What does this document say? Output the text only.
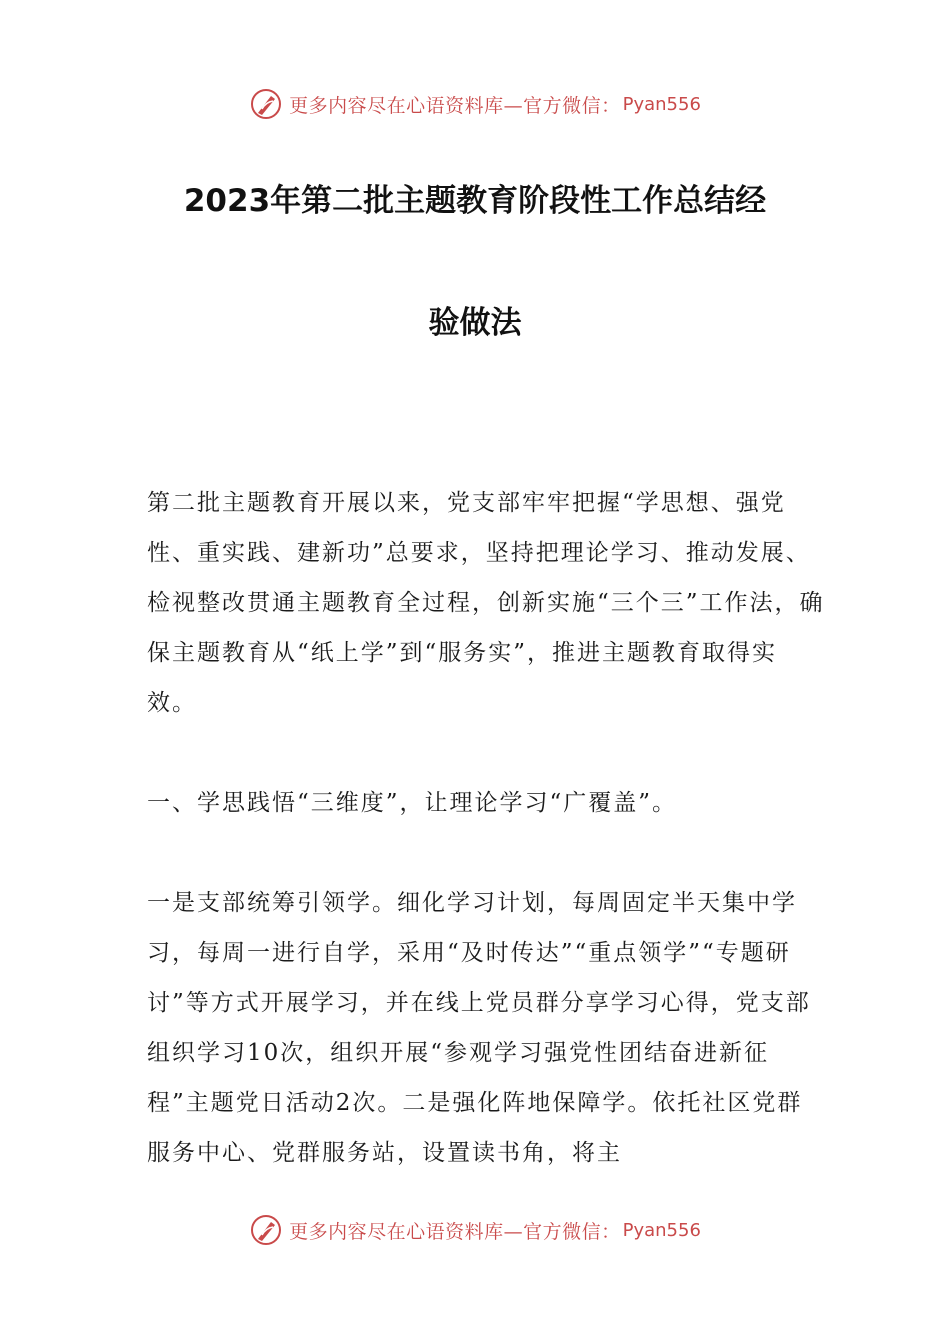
更多内容尽在心语资料库—官方微信： Pyan556
2023年第二批主题教育阶段性工作总结经
验做法

第二批主题教育开展以来，党支部牢牢把握“学思想、强党性、重实践、建新功”总要求，坚持把理论学习、推动发展、检视整改贯通主题教育全过程，创新实施“三个三”工作法，确保主题教育从“纸上学”到“服务实”，推进主题教育取得实效。

一、学思践悟“三维度”，让理论学习“广覆盖”。

一是支部统筹引领学。细化学习计划，每周固定半天集中学习，每周一进行自学，采用“及时传达”“重点领学”“专题研讨”等方式开展学习，并在线上党员群分享学习心得，党支部组织学习10次，组织开展“参观学习强党性团结奋进新征程”主题党日活动2次。二是强化阵地保障学。依托社区党群服务中心、党群服务站，设置读书角，将主

更多内容尽在心语资料库—官方微信： Pyan556
